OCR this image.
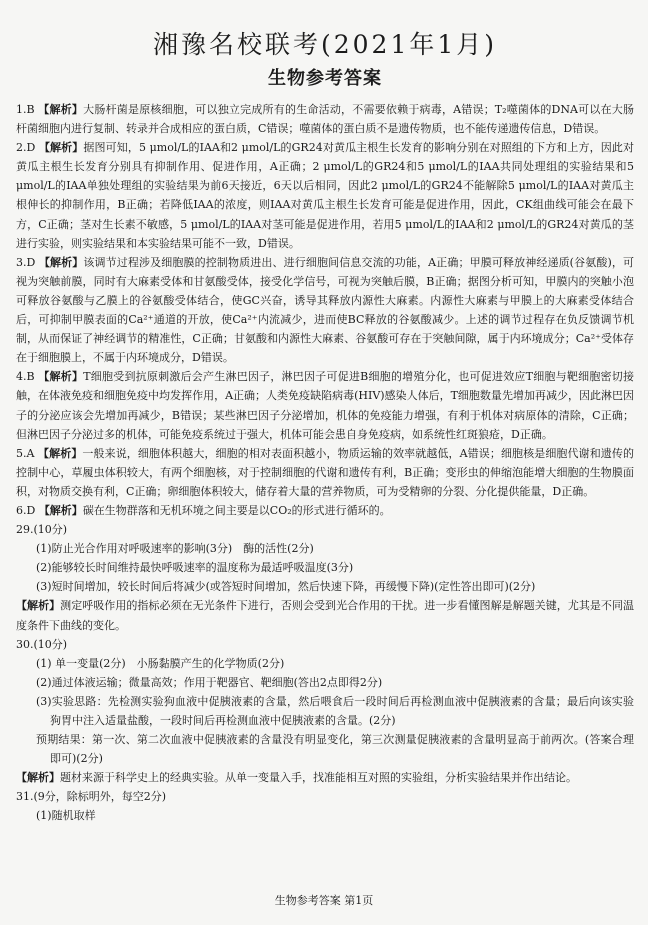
湘豫名校联考(2021年1月)
生物参考答案

1.B 【解析】大肠杆菌是原核细胞，可以独立完成所有的生命活动，不需要依赖于病毒，A错误；T₂噬菌体的DNA可以在大肠杆菌细胞内进行复制、转录并合成相应的蛋白质，C错误；噬菌体的蛋白质不是遗传物质，也不能传递遗传信息，D错误。

2.D 【解析】据图可知，5 μmol/L的IAA和2 μmol/L的GR24对黄瓜主根生长发育的影响分别在对照组的下方和上方，因此对黄瓜主根生长发育分别具有抑制作用、促进作用，A正确；2 μmol/L的GR24和5 μmol/L的IAA共同处理组的实验结果和5 μmol/L的IAA单独处理组的实验结果为前6天接近，6天以后相同，因此2 μmol/L的GR24不能解除5 μmol/L的IAA对黄瓜主根伸长的抑制作用，B正确；若降低IAA的浓度，则IAA对黄瓜主根生长发育可能是促进作用，因此，CK组曲线可能会在最下方，C正确；茎对生长素不敏感，5 μmol/L的IAA对茎可能是促进作用，若用5 μmol/L的IAA和2 μmol/L的GR24对黄瓜的茎进行实验，则实验结果和本实验结果可能不一致，D错误。

3.D 【解析】该调节过程涉及细胞膜的控制物质进出、进行细胞间信息交流的功能，A正确；甲膜可释放神经递质(谷氨酸)，可视为突触前膜，同时有大麻素受体和甘氨酸受体，接受化学信号，可视为突触后膜，B正确；据图分析可知，甲膜内的突触小泡可释放谷氨酸与乙膜上的谷氨酸受体结合，使GC兴奋，诱导其释放内源性大麻素。内源性大麻素与甲膜上的大麻素受体结合后，可抑制甲膜表面的Ca²⁺通道的开放，使Ca²⁺内流减少，进而使BC释放的谷氨酸减少。上述的调节过程存在负反馈调节机制，从而保证了神经调节的精准性，C正确；甘氨酸和内源性大麻素、谷氨酸可存在于突触间隙，属于内环境成分；Ca²⁺受体存在于细胞膜上，不属于内环境成分，D错误。

4.B 【解析】T细胞受到抗原刺激后会产生淋巴因子，淋巴因子可促进B细胞的增殖分化，也可促进效应T细胞与靶细胞密切接触，在体液免疫和细胞免疫中均发挥作用，A正确；人类免疫缺陷病毒(HIV)感染人体后，T细胞数量先增加再减少，因此淋巴因子的分泌应该会先增加再减少，B错误；某些淋巴因子分泌增加，机体的免疫能力增强，有利于机体对病原体的清除，C正确；但淋巴因子分泌过多的机体，可能免疫系统过于强大，机体可能会患自身免疫病，如系统性红斑狼疮，D正确。

5.A 【解析】一般来说，细胞体积越大，细胞的相对表面积越小，物质运输的效率就越低，A错误；细胞核是细胞代谢和遗传的控制中心，草履虫体积较大，有两个细胞核，对于控制细胞的代谢和遗传有利，B正确；变形虫的伸缩泡能增大细胞的生物膜面积，对物质交换有利，C正确；卵细胞体积较大，储存着大量的营养物质，可为受精卵的分裂、分化提供能量，D正确。

6.D 【解析】碳在生物群落和无机环境之间主要是以CO₂的形式进行循环的。

29.(10分)

(1)防止光合作用对呼吸速率的影响(3分)　酶的活性(2分)

(2)能够较长时间维持最快呼吸速率的温度称为最适呼吸温度(3分)

(3)短时间增加，较长时间后将减少(或答短时间增加，然后快速下降，再缓慢下降)(定性答出即可)(2分)

【解析】测定呼吸作用的指标必须在无光条件下进行，否则会受到光合作用的干扰。进一步看懂图解是解题关键，尤其是不同温度条件下曲线的变化。

30.(10分)

(1) 单一变量(2分)　小肠黏膜产生的化学物质(2分)

(2)通过体液运输；微量高效；作用于靶器官、靶细胞(答出2点即得2分)

(3)实验思路：先检测实验狗血液中促胰液素的含量，然后喂食后一段时间后再检测血液中促胰液素的含量；最后向该实验狗胃中注入适量盐酸，一段时间后再检测血液中促胰液素的含量。(2分)

预期结果：第一次、第二次血液中促胰液素的含量没有明显变化，第三次测量促胰液素的含量明显高于前两次。(答案合理即可)(2分)

【解析】题材来源于科学史上的经典实验。从单一变量入手，找准能相互对照的实验组，分析实验结果并作出结论。

31.(9分，除标明外，每空2分)

(1)随机取样

生物参考答案 第1页
